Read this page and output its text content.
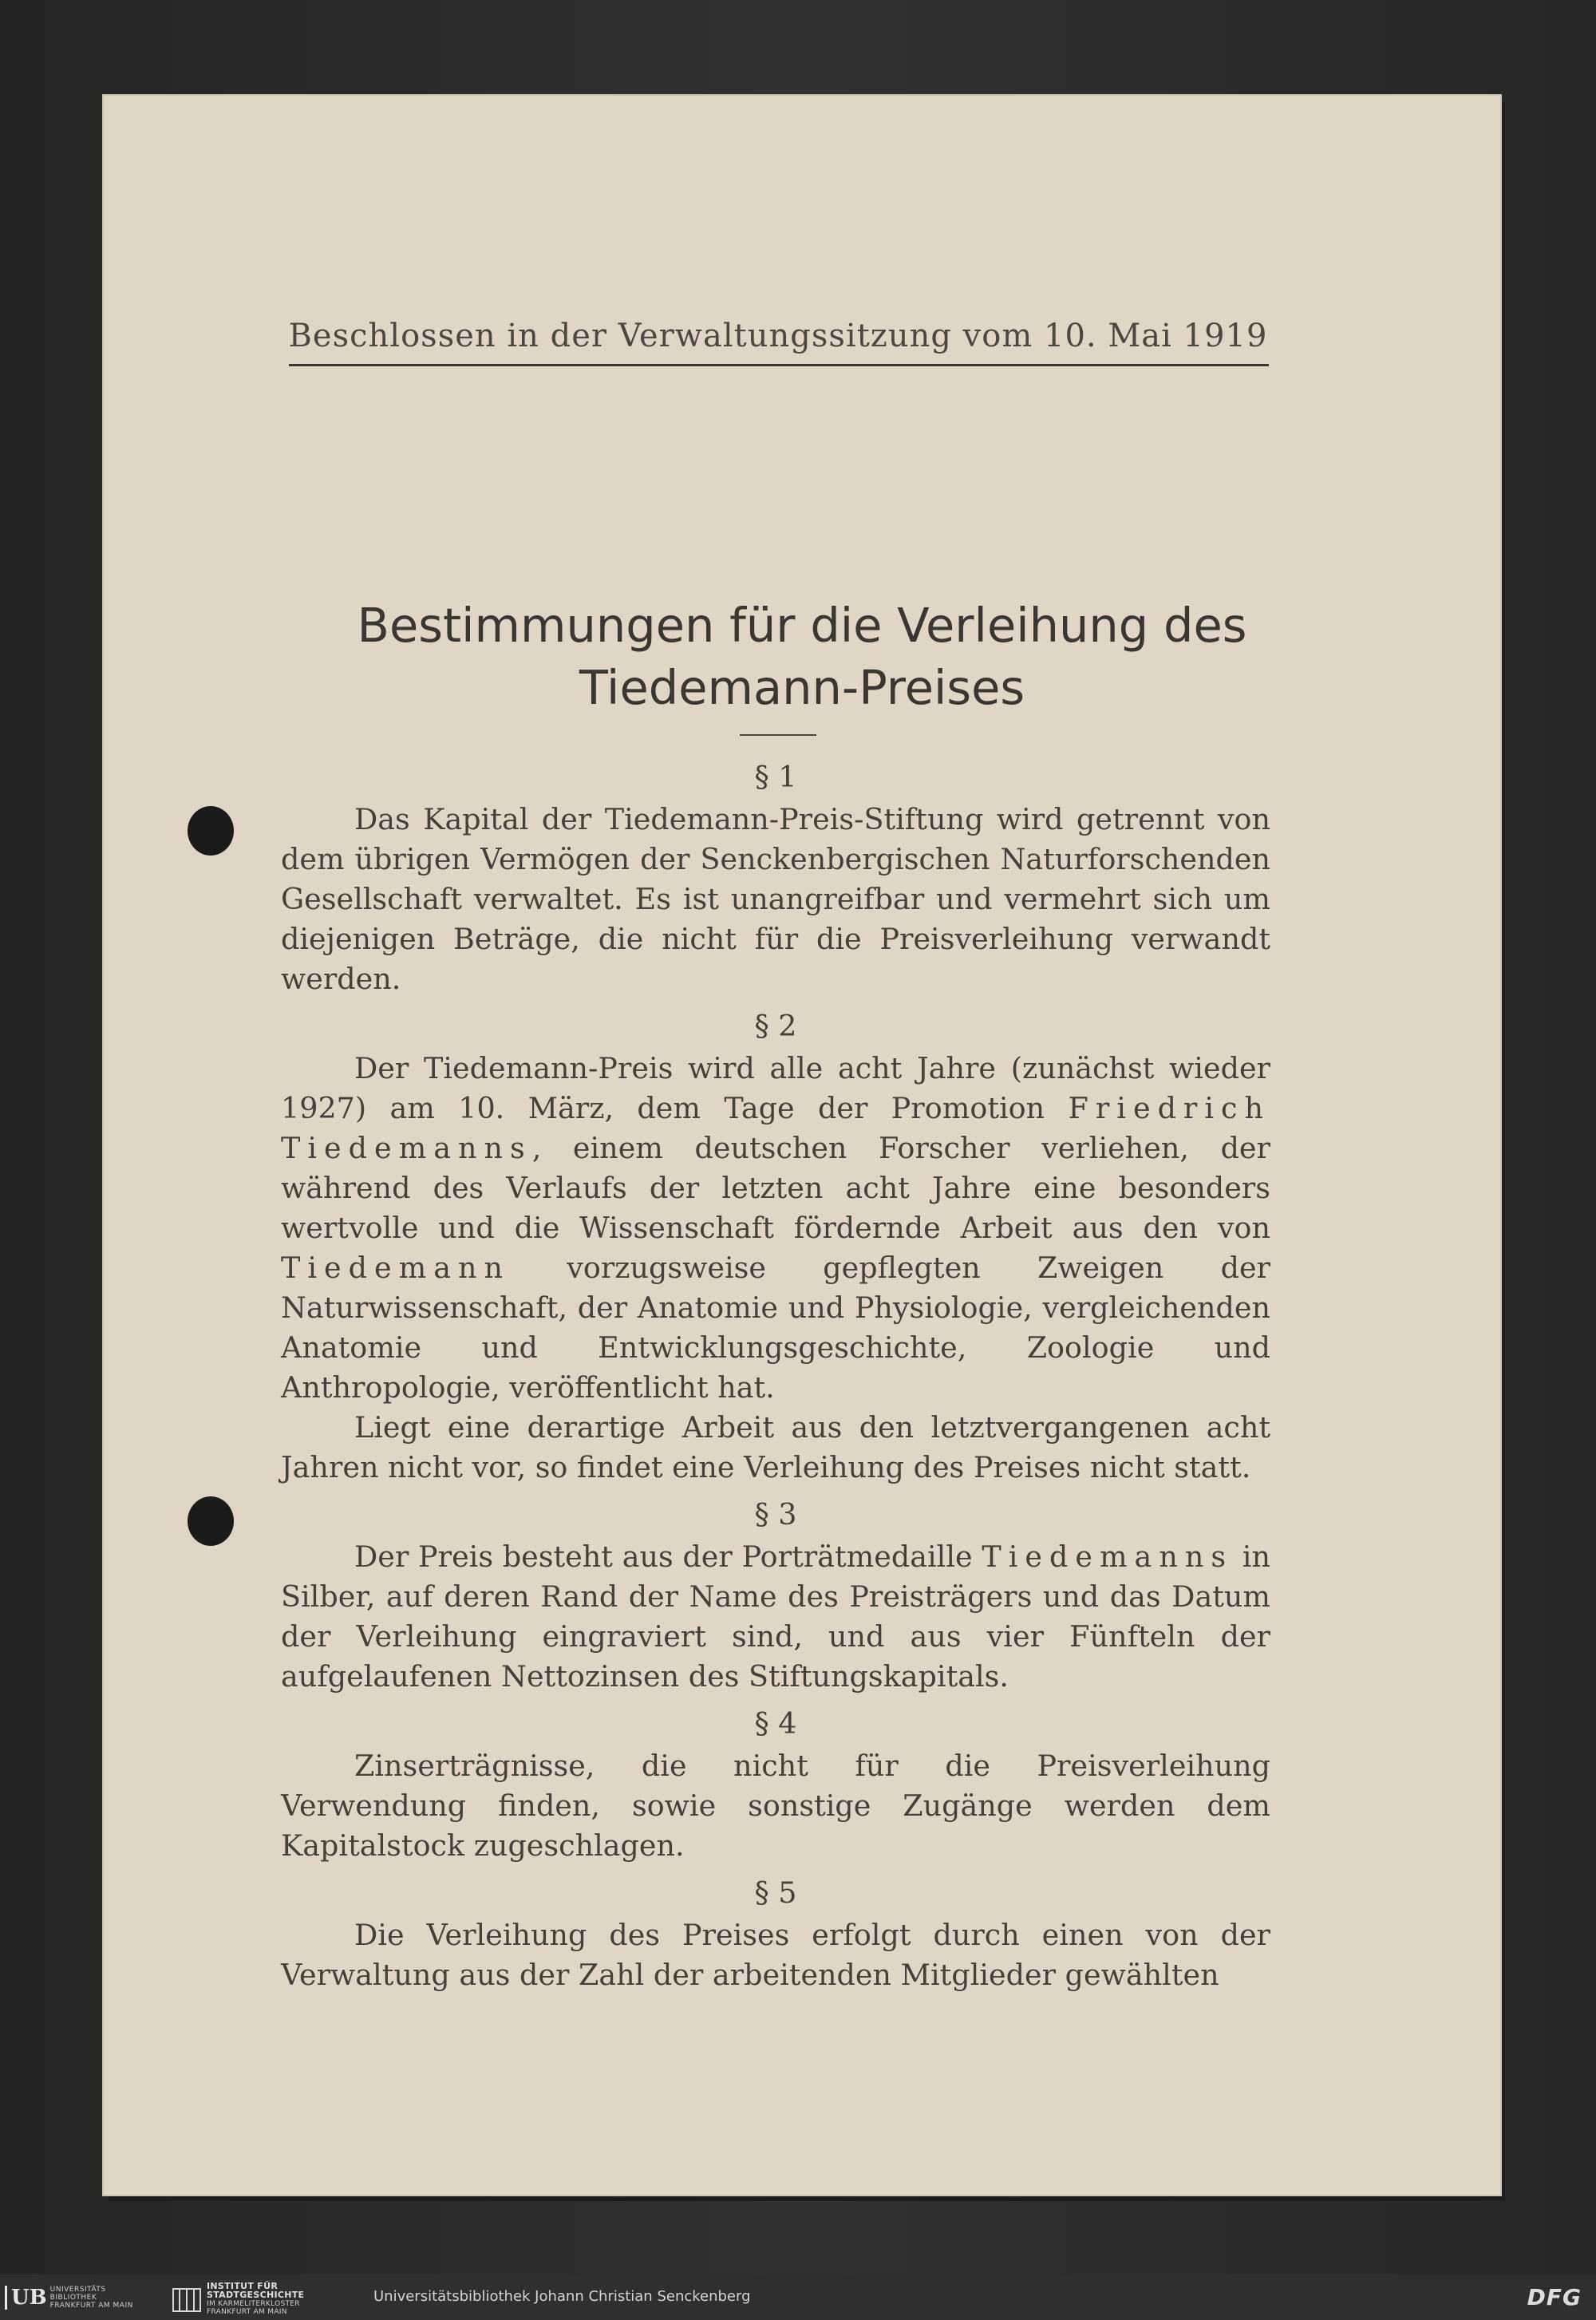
Beschlossen in der Verwaltungssitzung vom 10. Mai 1919
Bestimmungen für die Verleihung des
Tiedemann-Preises
§ 1

Das Kapital der Tiedemann-Preis-Stiftung wird getrennt von dem übrigen Vermögen der Senckenbergischen Naturforschenden Gesellschaft verwaltet. Es ist unangreifbar und vermehrt sich um diejenigen Beträge, die nicht für die Preisverleihung verwandt werden.

§ 2

Der Tiedemann-Preis wird alle acht Jahre (zunächst wieder 1927) am 10. März, dem Tage der Promotion Friedrich Tiedemanns, einem deutschen Forscher verliehen, der während des Verlaufs der letzten acht Jahre eine besonders wertvolle und die Wissenschaft fördernde Arbeit aus den von Tiedemann vorzugsweise gepflegten Zweigen der Naturwissenschaft, der Anatomie und Physiologie, vergleichenden Anatomie und Entwicklungsgeschichte, Zoologie und Anthropologie, veröffentlicht hat.

Liegt eine derartige Arbeit aus den letztvergangenen acht Jahren nicht vor, so findet eine Verleihung des Preises nicht statt.

§ 3

Der Preis besteht aus der Porträtmedaille Tiedemanns in Silber, auf deren Rand der Name des Preisträgers und das Datum der Verleihung eingraviert sind, und aus vier Fünfteln der aufgelaufenen Nettozinsen des Stiftungskapitals.

§ 4

Zinserträgnisse, die nicht für die Preisverleihung Verwendung finden, sowie sonstige Zugänge werden dem Kapitalstock zugeschlagen.

§ 5

Die Verleihung des Preises erfolgt durch einen von der Verwaltung aus der Zahl der arbeitenden Mitglieder gewählten

UB UNIVERSITÄTS
BIBLIOTHEK
FRANKFURT AM MAIN
INSTITUT FÜR
STADTGESCHICHTE
IM KARMELITERKLOSTER
FRANKFURT AM MAIN
Universitätsbibliothek Johann Christian Senckenberg	DFG
